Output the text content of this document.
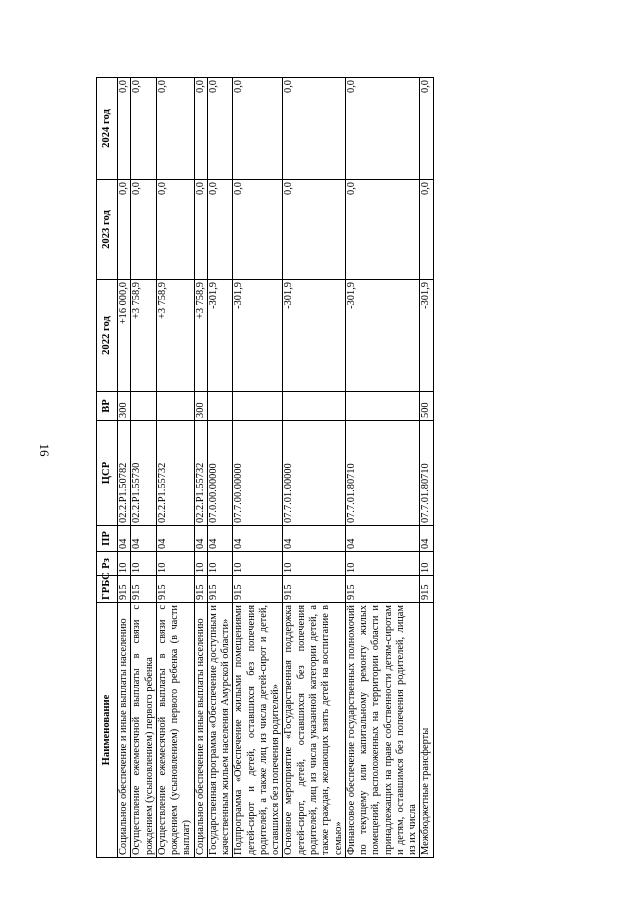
16
Наименование	ГРБС	Рз	ПР	ЦСР	ВР	2022 год	2023 год	2024 год
Социальное обеспечение и иные выплаты населению	915	10	04	02.2.P1.50782	300	+16 000,0	0,0	0,0
Осуществление ежемесячной выплаты в связи с рождением (усыновлением) первого ребенка	915	10	04	02.2.P1.55730		+3 758,9	0,0	0,0
Осуществление ежемесячной выплаты в связи с рождением (усыновлением) первого ребенка (в части выплат)	915	10	04	02.2.P1.55732		+3 758,9	0,0	0,0
Социальное обеспечение и иные выплаты населению	915	10	04	02.2.P1.55732	300	+3 758,9	0,0	0,0
Государственная программа «Обеспечение доступным и качественным жильем населения Амурской области»	915	10	04	07.0.00.00000		-301,9	0,0	0,0
Подпрограмма «Обеспечение жилыми помещениями детей-сирот и детей, оставшихся без попечения родителей, а также лиц из числа детей-сирот и детей, оставшихся без попечения родителей»	915	10	04	07.7.00.00000		-301,9	0,0	0,0
Основное мероприятие «Государственная поддержка детей-сирот, детей, оставшихся без попечения родителей, лиц из числа указанной категории детей, а также граждан, желающих взять детей на воспитание в семью»	915	10	04	07.7.01.00000		-301,9	0,0	0,0
Финансовое обеспечение государственных полномочий по текущему или капитальному ремонту жилых помещений, расположенных на территории области и принадлежащих на праве собственности детям-сиротам и детям, оставшимся без попечения родителей, лицам из их числа	915	10	04	07.7.01.80710		-301,9	0,0	0,0
Межбюджетные трансферты	915	10	04	07.7.01.80710	500	-301,9	0,0	0,0
